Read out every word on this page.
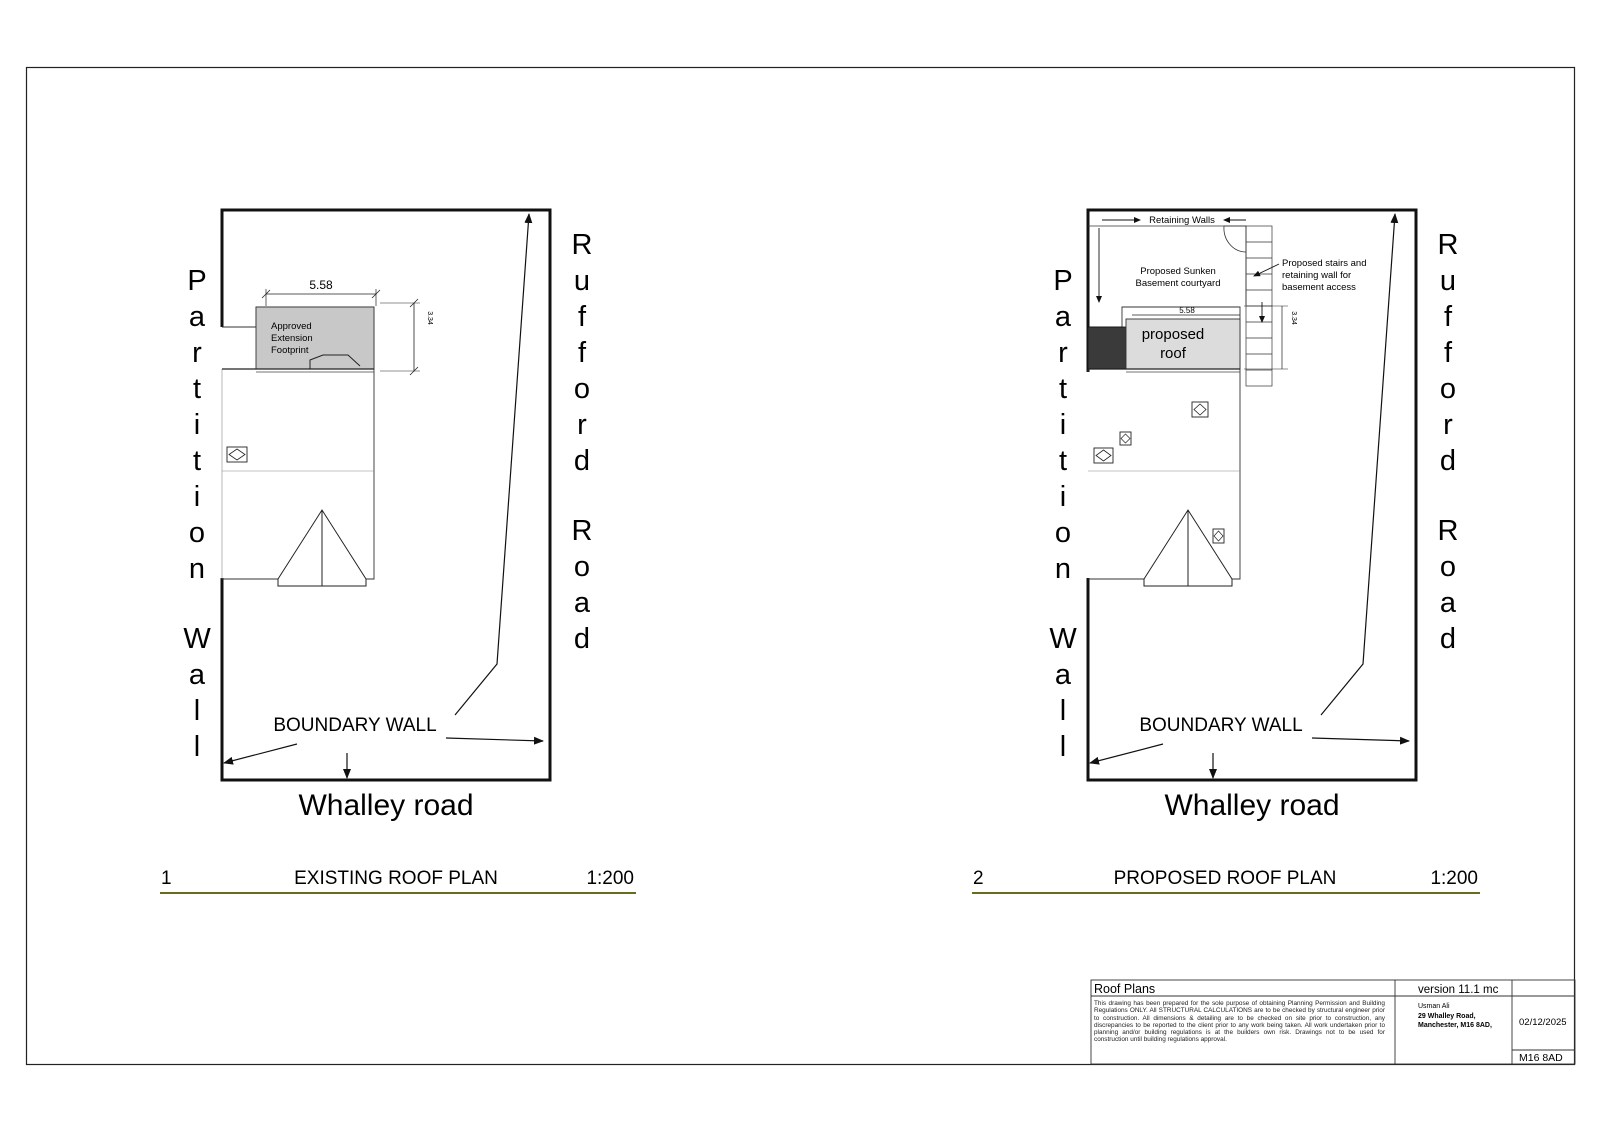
5.58
3.34
Approved
Extension
Footprint
BOUNDARY WALL
Whalley road
P a r t i t i o n W a l l
R u f f o r d R o a d
1	EXISTING ROOF PLAN	1:200
5.58
3.34
Retaining Walls
Proposed Sunken
Basement courtyard
Proposed stairs and
retaining wall for
basement access
proposed
roof
BOUNDARY WALL
Whalley road
P a r t i t i o n W a l l
R u f f o r d R o a d
2	PROPOSED ROOF PLAN	1:200
Roof Plans	version 11.1 mc
Usman Ali
29 Whalley Road,
Manchester, M16 8AD,	02/12/2025
M16 8AD
This drawing has been prepared for the sole purpose of obtaining Planning Permission and Building Regulations ONLY. All STRUCTURAL CALCULATIONS are to be checked by structural engineer prior to construction. All dimensions & detailing are to be checked on site prior to construction, any discrepancies to be reported to the client prior to any work being taken. All work undertaken prior to planning and/or building regulations is at the builders own risk. Drawings not to be used for construction until building regulations approval.
